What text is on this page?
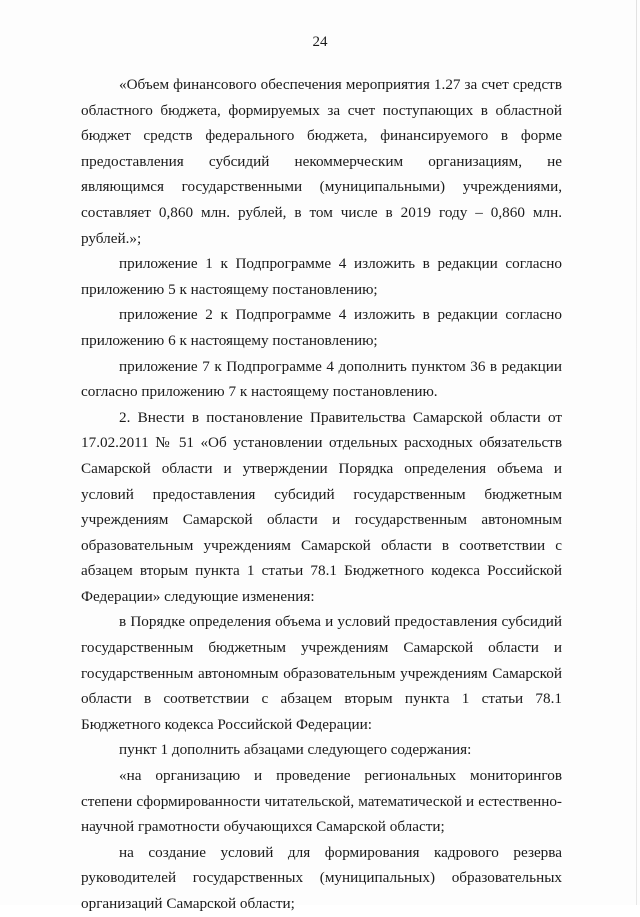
24

«Объем финансового обеспечения мероприятия 1.27 за счет средств областного бюджета, формируемых за счет поступающих в областной бюджет средств федерального бюджета, финансируемого в форме предоставления субсидий некоммерческим организациям, не являющимся государственными (муниципальными) учреждениями, составляет 0,860 млн. рублей, в том числе в 2019 году – 0,860 млн. рублей.»;

приложение 1 к Подпрограмме 4 изложить в редакции согласно приложению 5 к настоящему постановлению;

приложение 2 к Подпрограмме 4 изложить в редакции согласно приложению 6 к настоящему постановлению;

приложение 7 к Подпрограмме 4 дополнить пунктом 36 в редакции согласно приложению 7 к настоящему постановлению.

2. Внести в постановление Правительства Самарской области от 17.02.2011 № 51 «Об установлении отдельных расходных обязательств Самарской области и утверждении Порядка определения объема и условий предоставления субсидий государственным бюджетным учреждениям Самарской области и государственным автономным образовательным учреждениям Самарской области в соответствии с абзацем вторым пункта 1 статьи 78.1 Бюджетного кодекса Российской Федерации» следующие изменения:

в Порядке определения объема и условий предоставления субсидий государственным бюджетным учреждениям Самарской области и государственным автономным образовательным учреждениям Самарской области в соответствии с абзацем вторым пункта 1 статьи 78.1 Бюджетного кодекса Российской Федерации:

пункт 1 дополнить абзацами следующего содержания:

«на организацию и проведение региональных мониторингов степени сформированности читательской, математической и естественно-научной грамотности обучающихся Самарской области;

на создание условий для формирования кадрового резерва руководителей государственных (муниципальных) образовательных организаций Самарской области;
